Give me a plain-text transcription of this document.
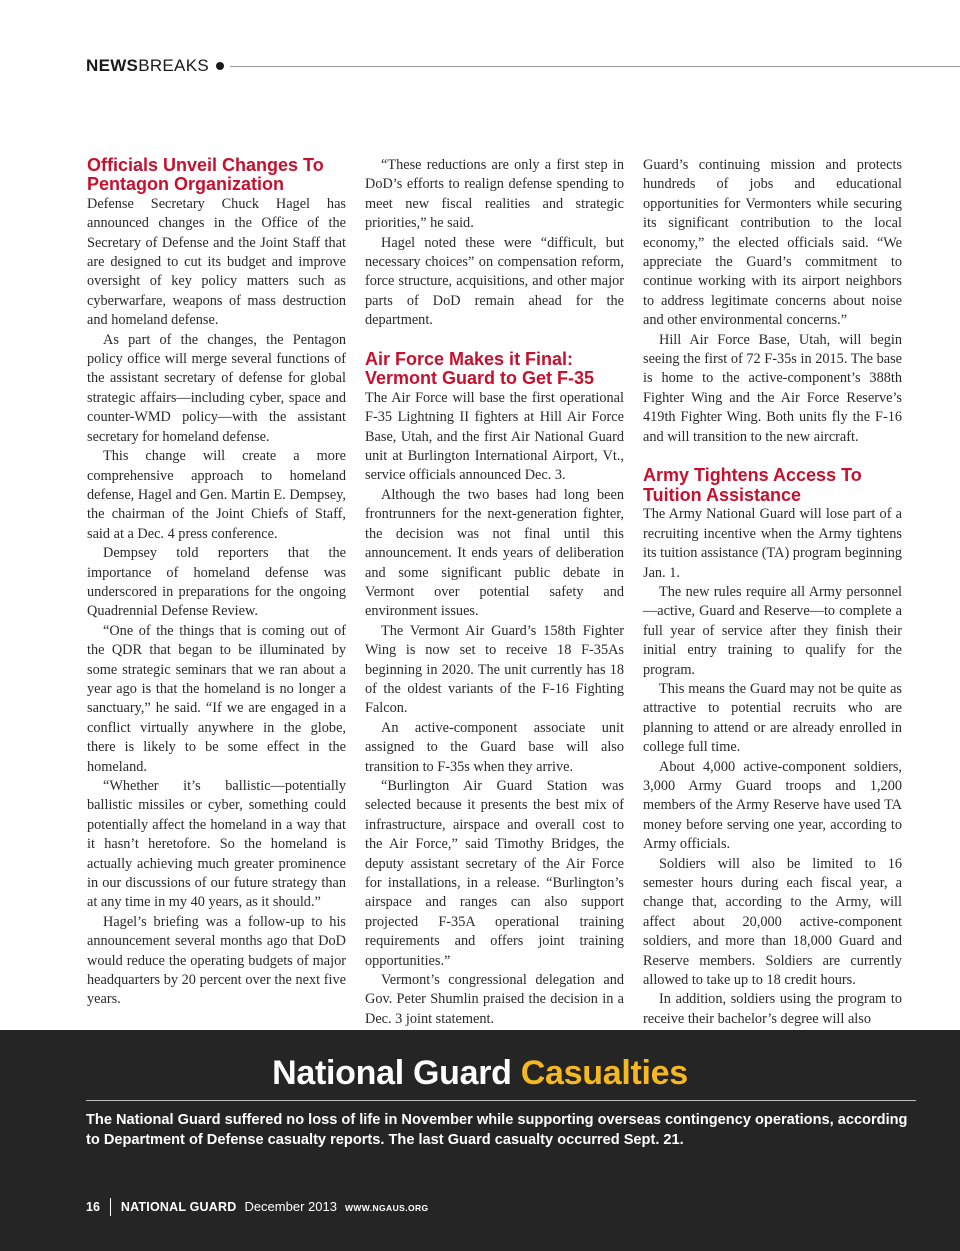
NEWSBREAKS
Officials Unveil Changes To Pentagon Organization

Defense Secretary Chuck Hagel has announced changes in the Office of the Secretary of Defense and the Joint Staff that are designed to cut its budget and improve oversight of key policy matters such as cyberwarfare, weapons of mass destruction and homeland defense.

As part of the changes, the Pentagon policy office will merge several functions of the assistant secretary of defense for global strategic affairs—including cyber, space and counter-WMD policy—with the assistant secretary for homeland defense.

This change will create a more comprehensive approach to homeland defense, Hagel and Gen. Martin E. Dempsey, the chairman of the Joint Chiefs of Staff, said at a Dec. 4 press conference.

Dempsey told reporters that the importance of homeland defense was underscored in preparations for the ongoing Quadrennial Defense Review.

“One of the things that is coming out of the QDR that began to be illuminated by some strategic seminars that we ran about a year ago is that the homeland is no longer a sanctuary,” he said. “If we are engaged in a conflict virtually anywhere in the globe, there is likely to be some effect in the homeland.

“Whether it’s ballistic—potentially ballistic missiles or cyber, something could potentially affect the homeland in a way that it hasn’t heretofore. So the homeland is actually achieving much greater prominence in our discussions of our future strategy than at any time in my 40 years, as it should.”

Hagel’s briefing was a follow-up to his announcement several months ago that DoD would reduce the operating budgets of major headquarters by 20 percent over the next five years.

“These reductions are only a first step in DoD’s efforts to realign defense spending to meet new fiscal realities and strategic priorities,” he said.

Hagel noted these were “difficult, but necessary choices” on compensation reform, force structure, acquisitions, and other major parts of DoD remain ahead for the department.

Air Force Makes it Final: Vermont Guard to Get F-35

The Air Force will base the first operational F-35 Lightning II fighters at Hill Air Force Base, Utah, and the first Air National Guard unit at Burlington International Airport, Vt., service officials announced Dec. 3.

Although the two bases had long been frontrunners for the next-generation fighter, the decision was not final until this announcement. It ends years of deliberation and some significant public debate in Vermont over potential safety and environment issues.

The Vermont Air Guard’s 158th Fighter Wing is now set to receive 18 F-35As beginning in 2020. The unit currently has 18 of the oldest variants of the F-16 Fighting Falcon.

An active-component associate unit assigned to the Guard base will also transition to F-35s when they arrive.

“Burlington Air Guard Station was selected because it presents the best mix of infrastructure, airspace and overall cost to the Air Force,” said Timothy Bridges, the deputy assistant secretary of the Air Force for installations, in a release. “Burlington’s airspace and ranges can also support projected F-35A operational training requirements and offers joint training opportunities.”

Vermont’s congressional delegation and Gov. Peter Shumlin praised the decision in a Dec. 3 joint statement.

Guard’s continuing mission and protects hundreds of jobs and educational opportunities for Vermonters while securing its significant contribution to the local economy,” the elected officials said. “We appreciate the Guard’s commitment to continue working with its airport neighbors to address legitimate concerns about noise and other environmental concerns.”

Hill Air Force Base, Utah, will begin seeing the first of 72 F-35s in 2015. The base is home to the active-component’s 388th Fighter Wing and the Air Force Reserve’s 419th Fighter Wing. Both units fly the F-16 and will transition to the new aircraft.

Army Tightens Access To Tuition Assistance

The Army National Guard will lose part of a recruiting incentive when the Army tightens its tuition assistance (TA) program beginning Jan. 1.

The new rules require all Army personnel—active, Guard and Reserve—to complete a full year of service after they finish their initial entry training to qualify for the program.

This means the Guard may not be quite as attractive to potential recruits who are planning to attend or are already enrolled in college full time.

About 4,000 active-component soldiers, 3,000 Army Guard troops and 1,200 members of the Army Reserve have used TA money before serving one year, according to Army officials.

Soldiers will also be limited to 16 semester hours during each fiscal year, a change that, according to the Army, will affect about 20,000 active-component soldiers, and more than 18,000 Guard and Reserve members. Soldiers are currently allowed to take up to 18 credit hours.

In addition, soldiers using the program to receive their bachelor’s degree will also

National Guard Casualties
The National Guard suffered no loss of life in November while supporting overseas contingency operations, according to Department of Defense casualty reports. The last Guard casualty occurred Sept. 21.
16 NATIONAL GUARD December 2013 WWW.NGAUS.ORG
